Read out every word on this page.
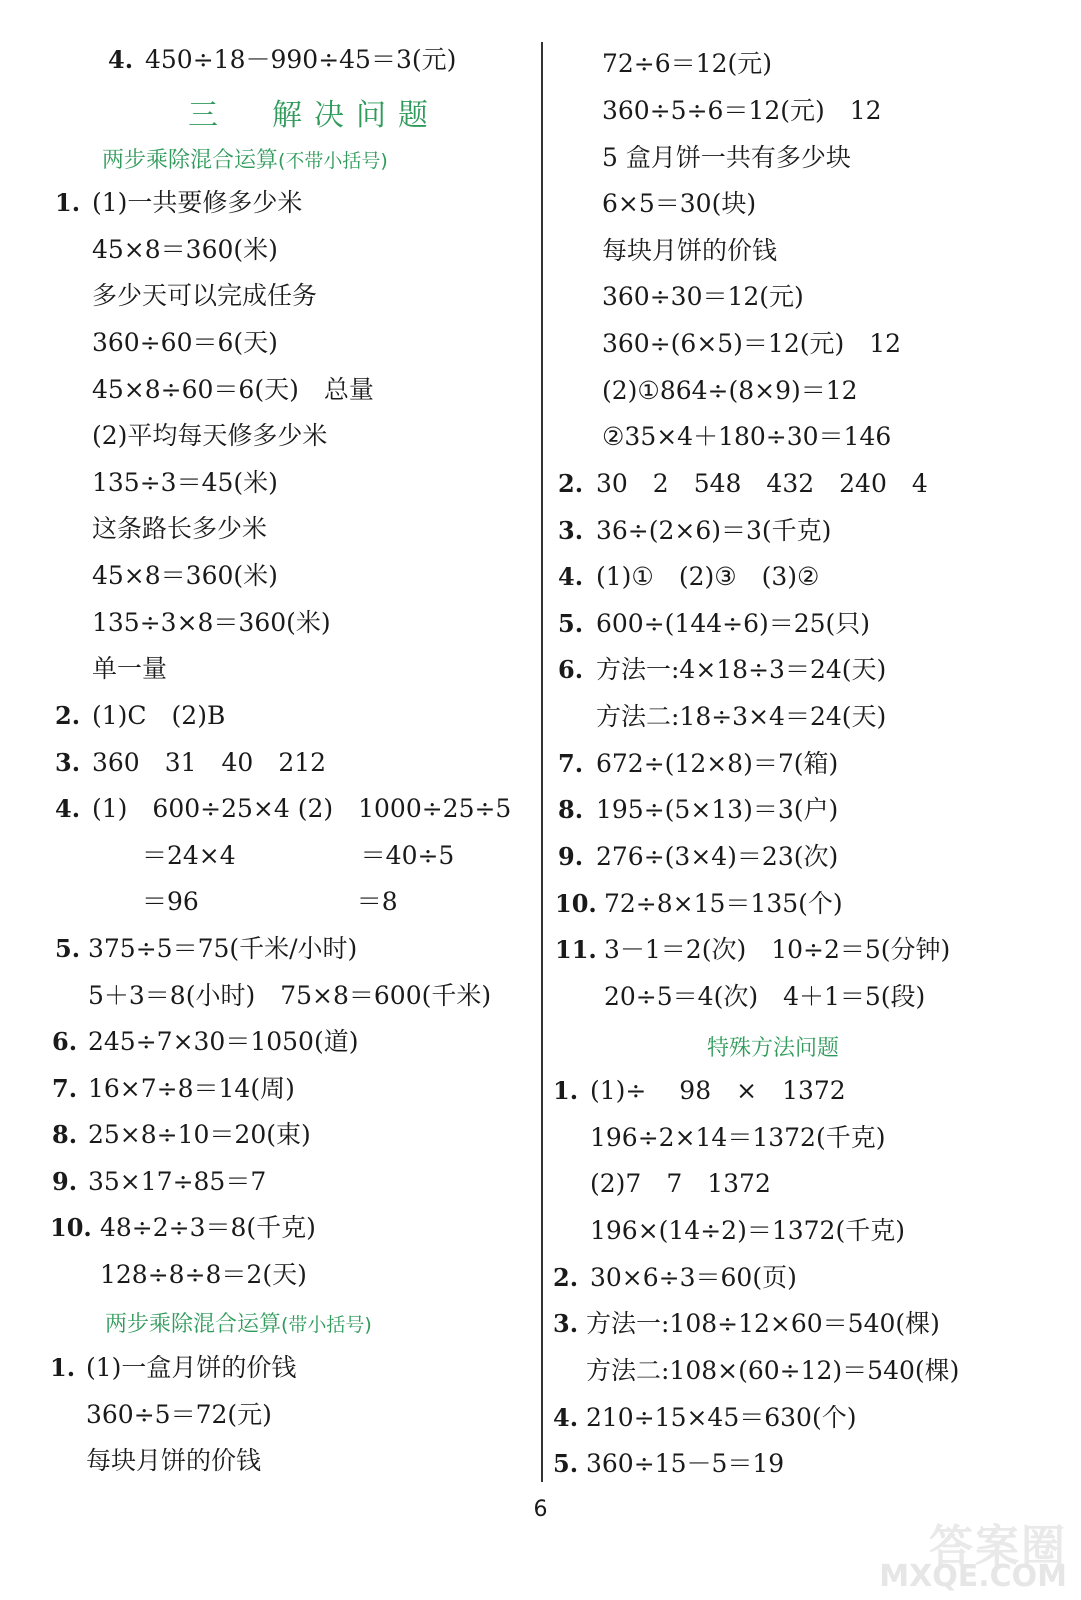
4. 450÷18－990÷45＝3(元)
三　解决问题
两步乘除混合运算(不带小括号)
1. (1)一共要修多少米
45×8＝360(米)
多少天可以完成任务
360÷60＝6(天)
45×8÷60＝6(天)　总量
(2)平均每天修多少米
135÷3＝45(米)
这条路长多少米
45×8＝360(米)
135÷3×8＝360(米)
单一量
2. (1)C　(2)B
3. 360　31　40　212
4. (1)　600÷25×4 (2)　1000÷25÷5
　　＝24×4　　　　　＝40÷5
　　＝96　　　　　　 ＝8
5. 375÷5＝75(千米/小时)
5＋3＝8(小时)　75×8＝600(千米)
6. 245÷7×30＝1050(道)
7. 16×7÷8＝14(周)
8. 25×8÷10＝20(束)
9. 35×17÷85＝7
10. 48÷2÷3＝8(千克)
128÷8÷8＝2(天)
两步乘除混合运算(带小括号)
1. (1)一盒月饼的价钱
360÷5＝72(元)
每块月饼的价钱
72÷6＝12(元)
360÷5÷6＝12(元)　12
5 盒月饼一共有多少块
6×5＝30(块)
每块月饼的价钱
360÷30＝12(元)
360÷(6×5)＝12(元)　12
(2)①864÷(8×9)＝12
②35×4＋180÷30＝146
2. 30　2　548　432　240　4
3. 36÷(2×6)＝3(千克)
4. (1)①　(2)③　(3)②
5. 600÷(144÷6)＝25(只)
6. 方法一:4×18÷3＝24(天)
方法二:18÷3×4＝24(天)
7. 672÷(12×8)＝7(箱)
8. 195÷(5×13)＝3(户)
9. 276÷(3×4)＝23(次)
10. 72÷8×15＝135(个)
11. 3－1＝2(次)　10÷2＝5(分钟)
20÷5＝4(次)　4＋1＝5(段)
特殊方法问题
1. (1)÷　 98　×　1372
196÷2×14＝1372(千克)
(2)7　7　1372
196×(14÷2)＝1372(千克)
2. 30×6÷3＝60(页)
3. 方法一:108÷12×60＝540(棵)
方法二:108×(60÷12)＝540(棵)
4. 210÷15×45＝630(个)
5. 360÷15－5＝19
6
答案圈
MXQE.COM
